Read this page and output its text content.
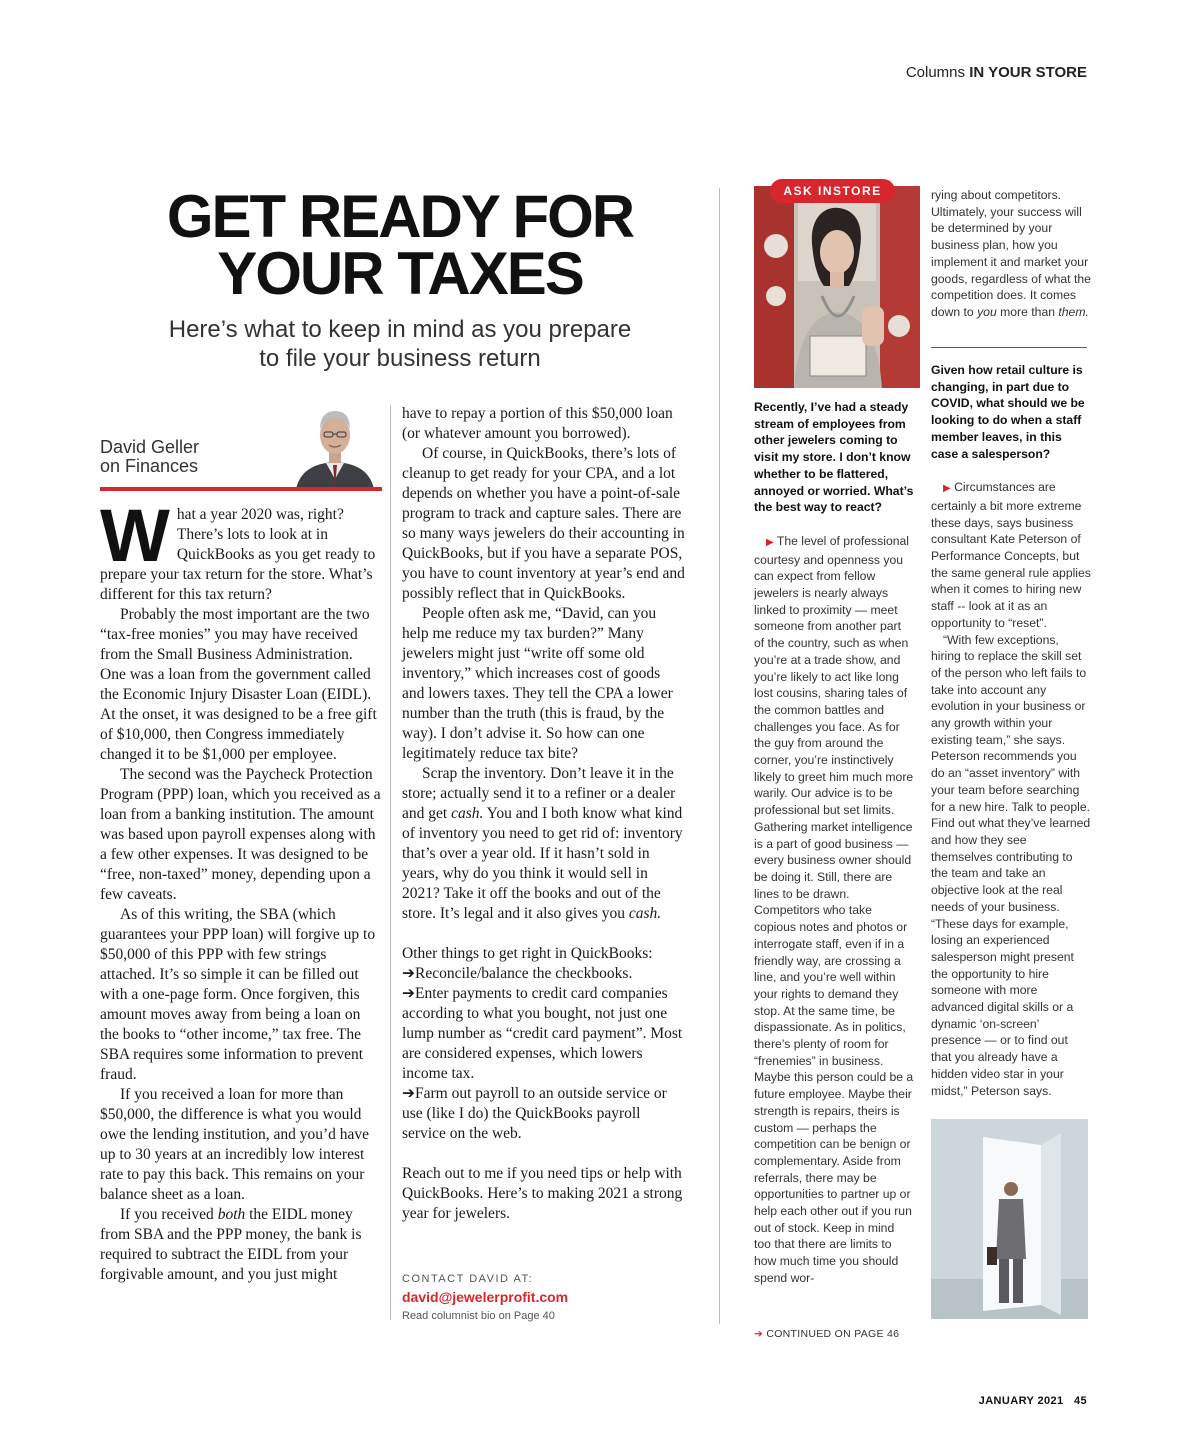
Columns IN YOUR STORE
GET READY FOR
YOUR TAXES
Here’s what to keep in mind as you prepare
to file your business return
David Geller
on Finances

What a year 2020 was, right? There’s lots to look at in QuickBooks as you get ready to prepare your tax return for the store. What’s different for this tax return?

Probably the most important are the two “tax-free monies” you may have received from the Small Business Administration. One was a loan from the government called the Economic Injury Disaster Loan (EIDL). At the onset, it was designed to be a free gift of $10,000, then Congress immediately changed it to be $1,000 per employee.

The second was the Paycheck Protection Program (PPP) loan, which you received as a loan from a banking institution. The amount was based upon payroll expenses along with a few other expenses. It was designed to be “free, non-taxed” money, depending upon a few caveats.

As of this writing, the SBA (which guarantees your PPP loan) will forgive up to $50,000 of this PPP with few strings attached. It’s so simple it can be filled out with a one-page form. Once forgiven, this amount moves away from being a loan on the books to “other income,” tax free. The SBA requires some information to prevent fraud.

If you received a loan for more than $50,000, the difference is what you would owe the lending institution, and you’d have up to 30 years at an incredibly low interest rate to pay this back. This remains on your balance sheet as a loan.

If you received both the EIDL money from SBA and the PPP money, the bank is required to subtract the EIDL from your forgivable amount, and you just might

have to repay a portion of this $50,000 loan (or whatever amount you borrowed).

Of course, in QuickBooks, there’s lots of cleanup to get ready for your CPA, and a lot depends on whether you have a point-of-sale program to track and capture sales. There are so many ways jewelers do their accounting in QuickBooks, but if you have a separate POS, you have to count inventory at year’s end and possibly reflect that in QuickBooks.

People often ask me, “David, can you help me reduce my tax burden?” Many jewelers might just “write off some old inventory,” which increases cost of goods and lowers taxes. They tell the CPA a lower number than the truth (this is fraud, by the way). I don’t advise it. So how can one legitimately reduce tax bite?

Scrap the inventory. Don’t leave it in the store; actually send it to a refiner or a dealer and get cash. You and I both know what kind of inventory you need to get rid of: inventory that’s over a year old. If it hasn’t sold in years, why do you think it would sell in 2021? Take it off the books and out of the store. It’s legal and it also gives you cash.

Other things to get right in QuickBooks:

➔Reconcile/balance the checkbooks.

➔Enter payments to credit card companies according to what you bought, not just one lump number as “credit card payment”. Most are considered expenses, which lowers income tax.

➔Farm out payroll to an outside service or use (like I do) the QuickBooks payroll service on the web.

Reach out to me if you need tips or help with QuickBooks. Here’s to making 2021 a strong year for jewelers.

CONTACT DAVID AT:
david@jewelerprofit.com
Read columnist bio on Page 40
ASK INSTORE

Recently, I’ve had a steady stream of employees from other jewelers coming to visit my store. I don’t know whether to be flattered, annoyed or worried. What’s the best way to react?

▶ The level of professional courtesy and openness you can expect from fellow jewelers is nearly always linked to proximity — meet someone from another part of the country, such as when you’re at a trade show, and you’re likely to act like long lost cousins, sharing tales of the common battles and challenges you face. As for the guy from around the corner, you’re instinctively likely to greet him much more warily. Our advice is to be professional but set limits. Gathering market intelligence is a part of good business — every business owner should be doing it. Still, there are lines to be drawn. Competitors who take copious notes and photos or interrogate staff, even if in a friendly way, are crossing a line, and you’re well within your rights to demand they stop. At the same time, be dispassionate. As in politics, there’s plenty of room for “frenemies” in business. Maybe this person could be a future employee. Maybe their strength is repairs, theirs is custom — perhaps the competition can be benign or complementary. Aside from referrals, there may be opportunities to partner up or help each other out if you run out of stock. Keep in mind too that there are limits to how much time you should spend wor-

➔ CONTINUED ON PAGE 46

rying about competitors. Ultimately, your success will be determined by your business plan, how you implement it and market your goods, regardless of what the competition does. It comes down to you more than them.

Given how retail culture is changing, in part due to COVID, what should we be looking to do when a staff member leaves, in this case a salesperson?

▶ Circumstances are certainly a bit more extreme these days, says business consultant Kate Peterson of Performance Concepts, but the same general rule applies when it comes to hiring new staff -- look at it as an opportunity to “reset”.

“With few exceptions, hiring to replace the skill set of the person who left fails to take into account any evolution in your business or any growth within your existing team,” she says. Peterson recommends you do an “asset inventory” with your team before searching for a new hire. Talk to people. Find out what they’ve learned and how they see themselves contributing to the team and take an objective look at the real needs of your business. “These days for example, losing an experienced salesperson might present the opportunity to hire someone with more advanced digital skills or a dynamic ‘on-screen’ presence — or to find out that you already have a hidden video star in your midst,” Peterson says.

JANUARY 2021 45
